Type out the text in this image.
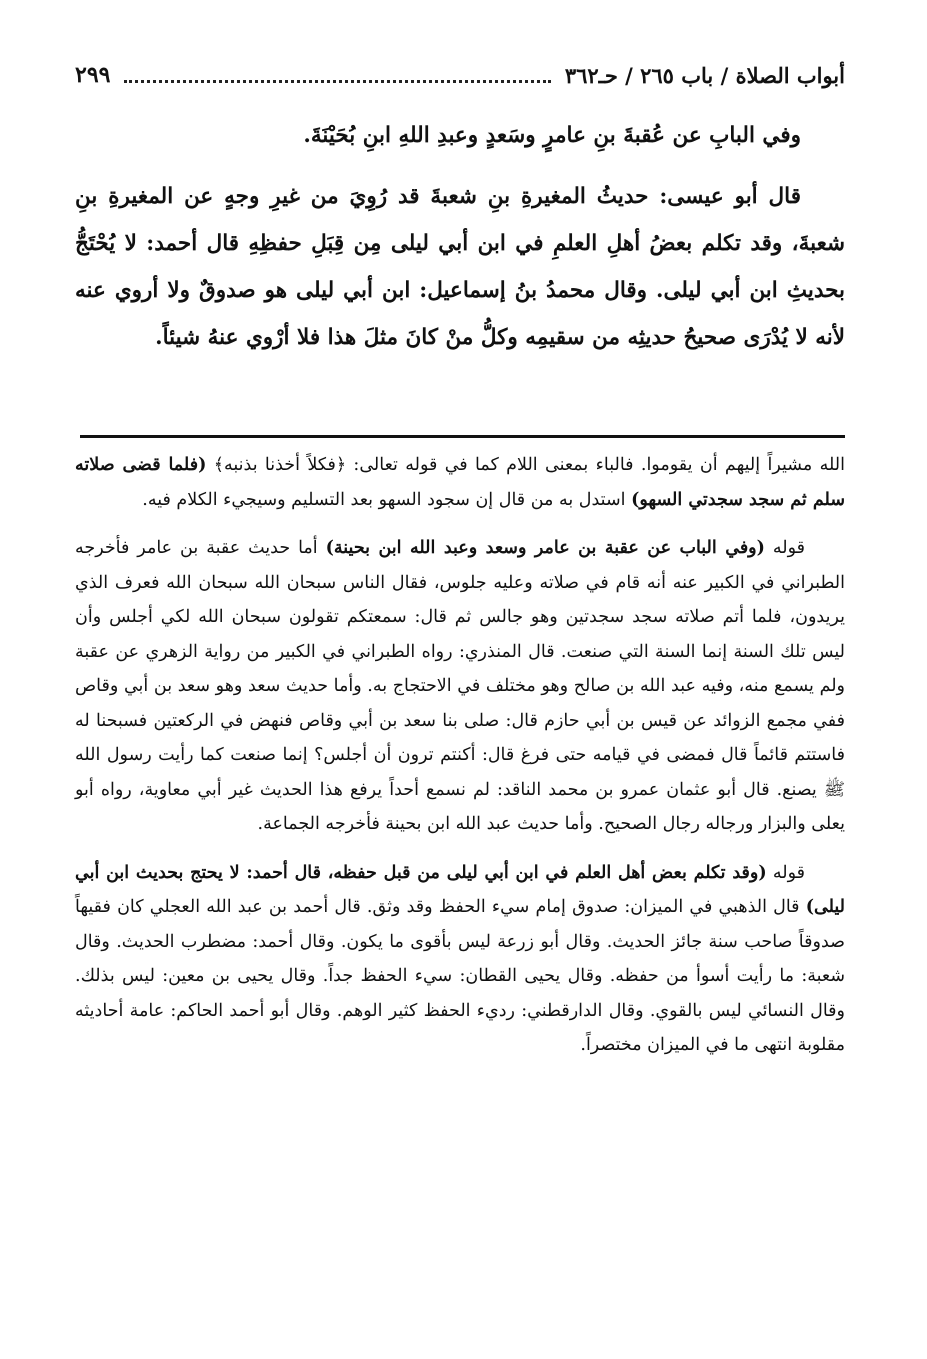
أبواب الصلاة / باب ٢٦٥ / حـ٣٦٢
٢٩٩

وفي البابِ عن عُقبةَ بنِ عامرٍ وسَعدٍ وعبدِ اللهِ ابنِ بُحَيْنَةَ.

قال أبو عيسى: حديثُ المغيرةِ بنِ شعبةَ قد رُوِيَ من غيرِ وجهٍ عن المغيرةِ بنِ شعبةَ، وقد تكلم بعضُ أهلِ العلمِ في ابن أبي ليلى مِن قِبَلِ حفظِهِ قال أحمد: لا يُحْتَجُّ بحديثِ ابن أبي ليلى. وقال محمدُ بنُ إسماعيل: ابن أبي ليلى هو صدوقٌ ولا أروي عنه لأنه لا يُدْرَى صحيحُ حديثِه من سقيمِه وكلُّ منْ كانَ مثلَ هذا فلا أرْوي عنهُ شيئاً.

الله مشيراً إليهم أن يقوموا. فالباء بمعنى اللام كما في قوله تعالى: ﴿فكلاً أخذنا بذنبه﴾ (فلما قضى صلاته سلم ثم سجد سجدتي السهو) استدل به من قال إن سجود السهو بعد التسليم وسيجيء الكلام فيه.

قوله (وفي الباب عن عقبة بن عامر وسعد وعبد الله ابن بحينة) أما حديث عقبة بن عامر فأخرجه الطبراني في الكبير عنه أنه قام في صلاته وعليه جلوس، فقال الناس سبحان الله سبحان الله فعرف الذي يريدون، فلما أتم صلاته سجد سجدتين وهو جالس ثم قال: سمعتكم تقولون سبحان الله لكي أجلس وأن ليس تلك السنة إنما السنة التي صنعت. قال المنذري: رواه الطبراني في الكبير من رواية الزهري عن عقبة ولم يسمع منه، وفيه عبد الله بن صالح وهو مختلف في الاحتجاج به. وأما حديث سعد وهو سعد بن أبي وقاص ففي مجمع الزوائد عن قيس بن أبي حازم قال: صلى بنا سعد بن أبي وقاص فنهض في الركعتين فسبحنا له فاستتم قائماً قال فمضى في قيامه حتى فرغ قال: أكنتم ترون أن أجلس؟ إنما صنعت كما رأيت رسول الله ﷺ يصنع. قال أبو عثمان عمرو بن محمد الناقد: لم نسمع أحداً يرفع هذا الحديث غير أبي معاوية، رواه أبو يعلى والبزار ورجاله رجال الصحيح. وأما حديث عبد الله ابن بحينة فأخرجه الجماعة.

قوله (وقد تكلم بعض أهل العلم في ابن أبي ليلى من قبل حفظه، قال أحمد: لا يحتج بحديث ابن أبي ليلى) قال الذهبي في الميزان: صدوق إمام سيء الحفظ وقد وثق. قال أحمد بن عبد الله العجلي كان فقيهاً صدوقاً صاحب سنة جائز الحديث. وقال أبو زرعة ليس بأقوى ما يكون. وقال أحمد: مضطرب الحديث. وقال شعبة: ما رأيت أسوأ من حفظه. وقال يحيى القطان: سيء الحفظ جداً. وقال يحيى بن معين: ليس بذلك. وقال النسائي ليس بالقوي. وقال الدارقطني: رديء الحفظ كثير الوهم. وقال أبو أحمد الحاكم: عامة أحاديثه مقلوبة انتهى ما في الميزان مختصراً.
